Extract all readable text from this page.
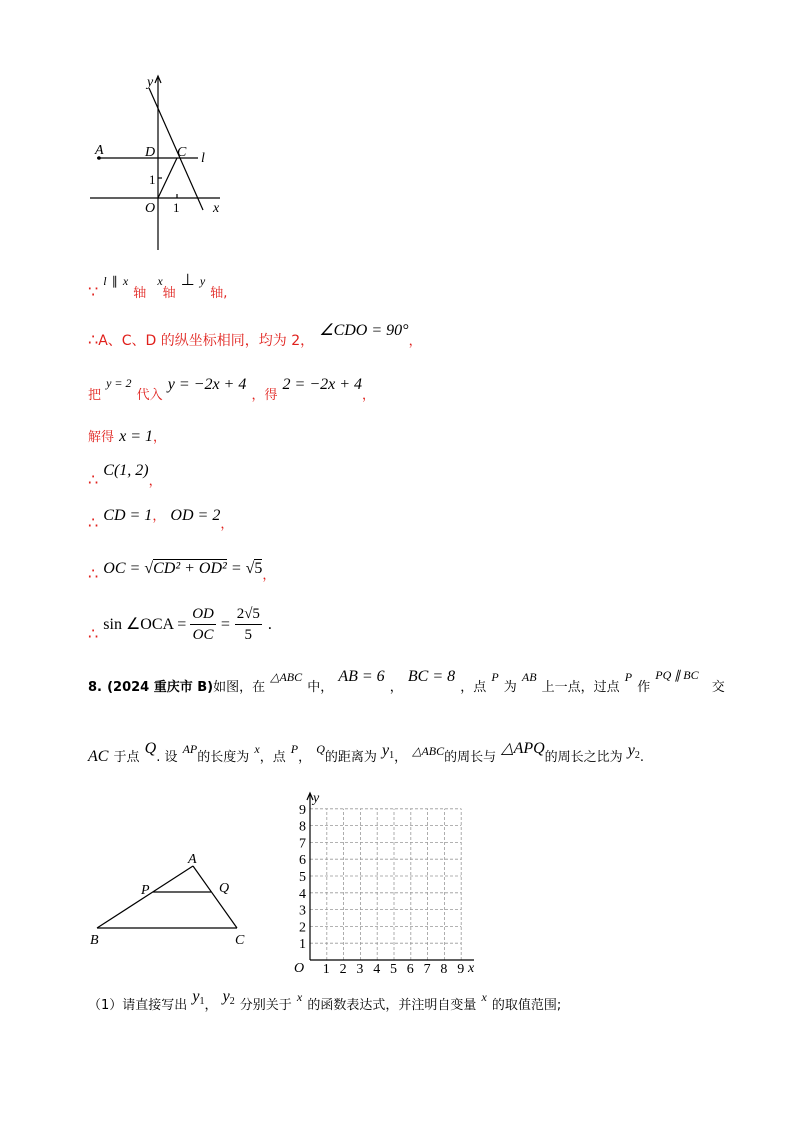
y
A	D C l
1
O 1 x
∵ $^l$ ∥ $^x$ 轴 $^x$轴 ⊥ $^y$ 轴,
∴A、C、D 的纵坐标相同，均为 2， ∠CDO = 90°，
把 $^{y = 2}$ 代入 y = −2x + 4 ，得 2 = −2x + 4，
解得 x = 1，
∴ C(1, $2)_,$
∴ CD = 1， OD = $2_,$
∴ OC = $√CD^2 + OD^2 = √5_,$
∴ sin ∠OCA = $\frac{OD}{OC} = \frac{2√5}{5}$ .
8. (2024 重庆市 B)如图，在 $^{\triangle ABC}$ 中， AB = 6 ， BC = 8 ，点 $^P$ 为 $^{AB}$ 上一点，过点 $^P$ 作 $^{PQ \parallel BC}$ 交
AC 于点 Q. 设 $^{AP}$的长度为 $^x$，点 $^P$， $^Q$的距离为 y1， $^{\triangle ABC}$的周长与 △APQ的周长之比为 y2.
A
P	Q
B	C
1 2 3 4 5 6 7 8 9
1
2
3
4
5
6
7
8
9
y
x
O
（1）请直接写出 y1， y2 分别关于 $^x$ 的函数表达式，并注明自变量 $^x$ 的取值范围;
